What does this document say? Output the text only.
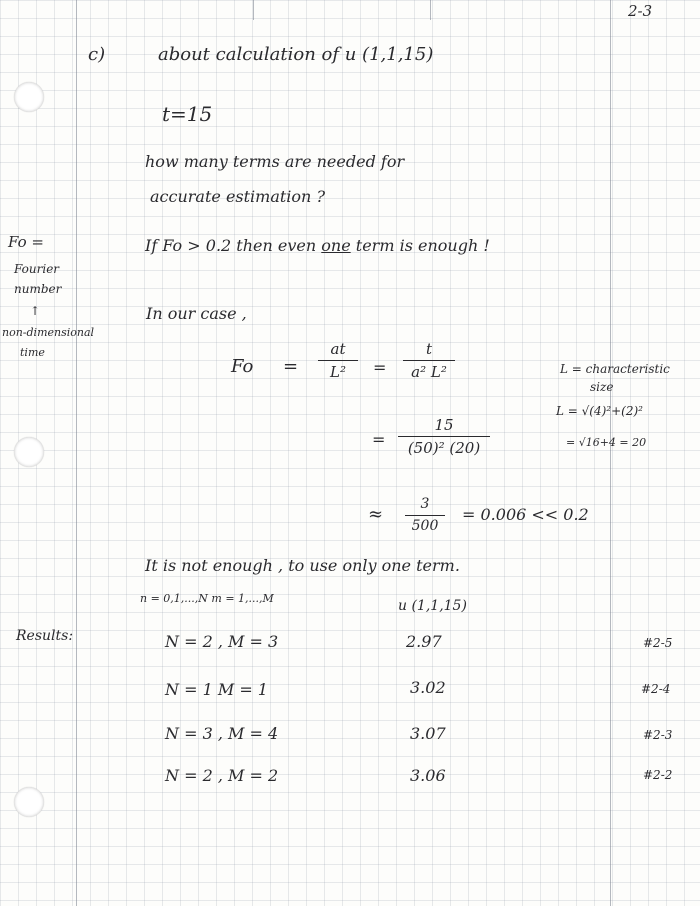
2-3
c)	about calculation of u (1,1,15)
t=15
how many terms are needed for
accurate estimation ?
If Fo > 0.2 then even one term is enough !
Fo =
Fourier
number
↑
non-dimensional
time
In our case ,
Fo =
at
L²	=
t
a² L²
=
15
(50)² (20)
≈	3
500
= 0.006 << 0.2
L = characteristic
size
L = √(4)²+(2)²
= √16+4 = 20
It is not enough , to use only one term.
n = 0,1,...,N m = 1,...,M	u (1,1,15)
Results:	N = 2 , M = 3	2.97	#2-5
N = 1 M = 1	3.02	#2-4
N = 3 , M = 4	3.07	#2-3
N = 2 , M = 2	3.06	#2-2
